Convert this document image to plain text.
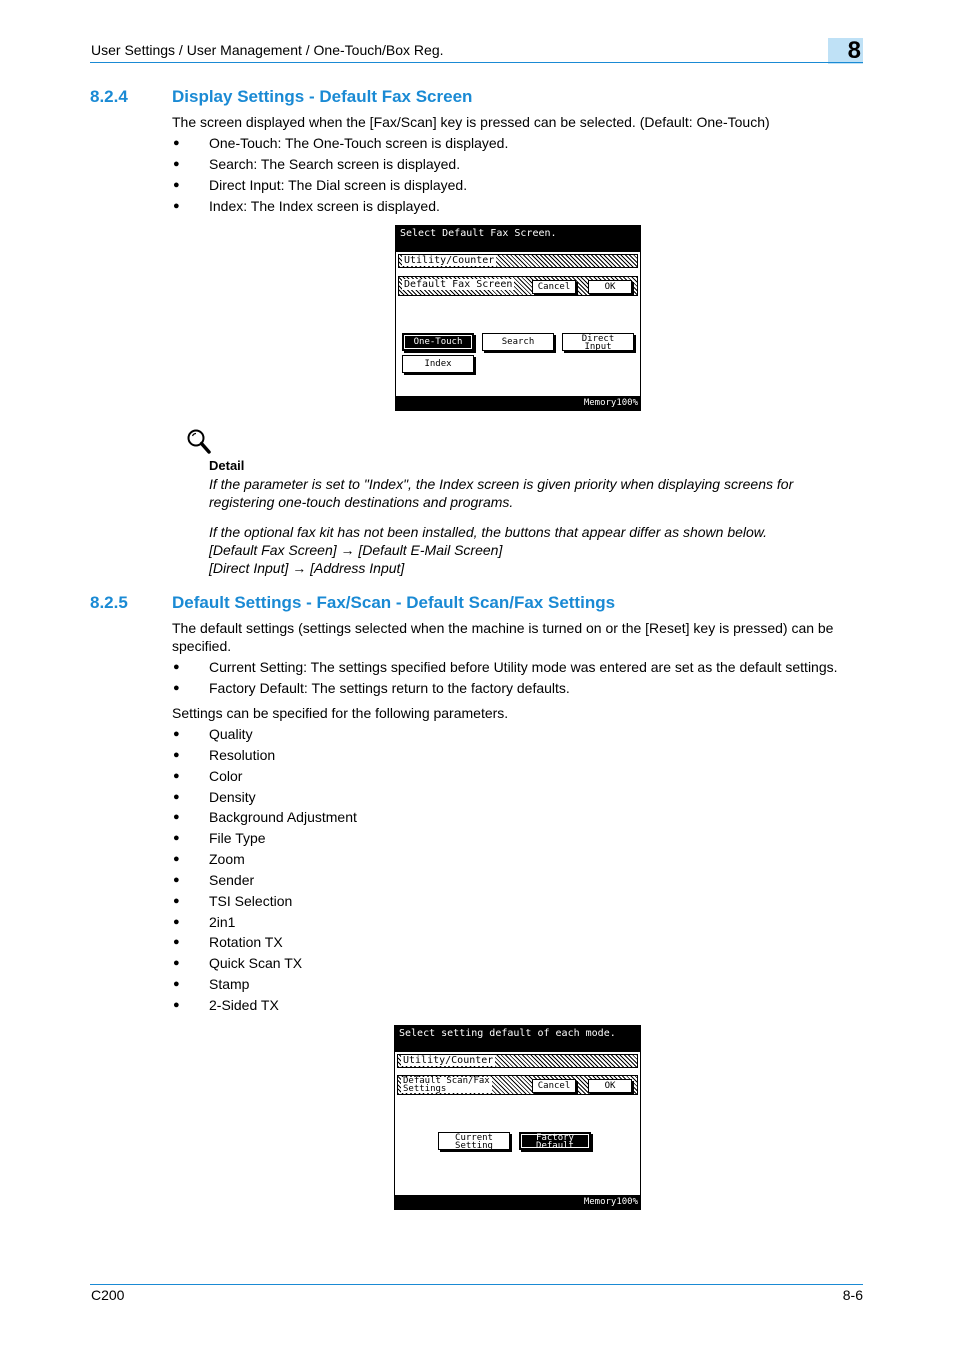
User Settings / User Management / One-Touch/Box Reg.	8
8.2.4	Display Settings - Default Fax Screen
The screen displayed when the [Fax/Scan] key is pressed can be selected. (Default: One-Touch)
● One-Touch: The One-Touch screen is displayed.
● Search: The Search screen is displayed.
● Direct Input: The Dial screen is displayed.
● Index: The Index screen is displayed.
Select Default Fax Screen.
Utility/Counter
Default Fax Screen	Cancel	OK
One-Touch	Search	Direct
Input
Index
Memory100%
Detail
If the parameter is set to "Index", the Index screen is given priority when displaying screens for registering one-touch destinations and programs.
If the optional fax kit has not been installed, the buttons that appear differ as shown below.
[Default Fax Screen] → [Default E-Mail Screen]
[Direct Input] → [Address Input]
8.2.5	Default Settings - Fax/Scan - Default Scan/Fax Settings
The default settings (settings selected when the machine is turned on or the [Reset] key is pressed) can be specified.
● Current Setting: The settings specified before Utility mode was entered are set as the default settings.
● Factory Default: The settings return to the factory defaults.
Settings can be specified for the following parameters.
● Quality
● Resolution
● Color
● Density
● Background Adjustment
● File Type
● Zoom
● Sender
● TSI Selection
● 2in1
● Rotation TX
● Quick Scan TX
● Stamp
● 2-Sided TX
Select setting default of each mode.
Utility/Counter
Default Scan/Fax
Settings	Cancel	OK
Current
Setting
Factory
Default
Memory100%
C200	8-6
